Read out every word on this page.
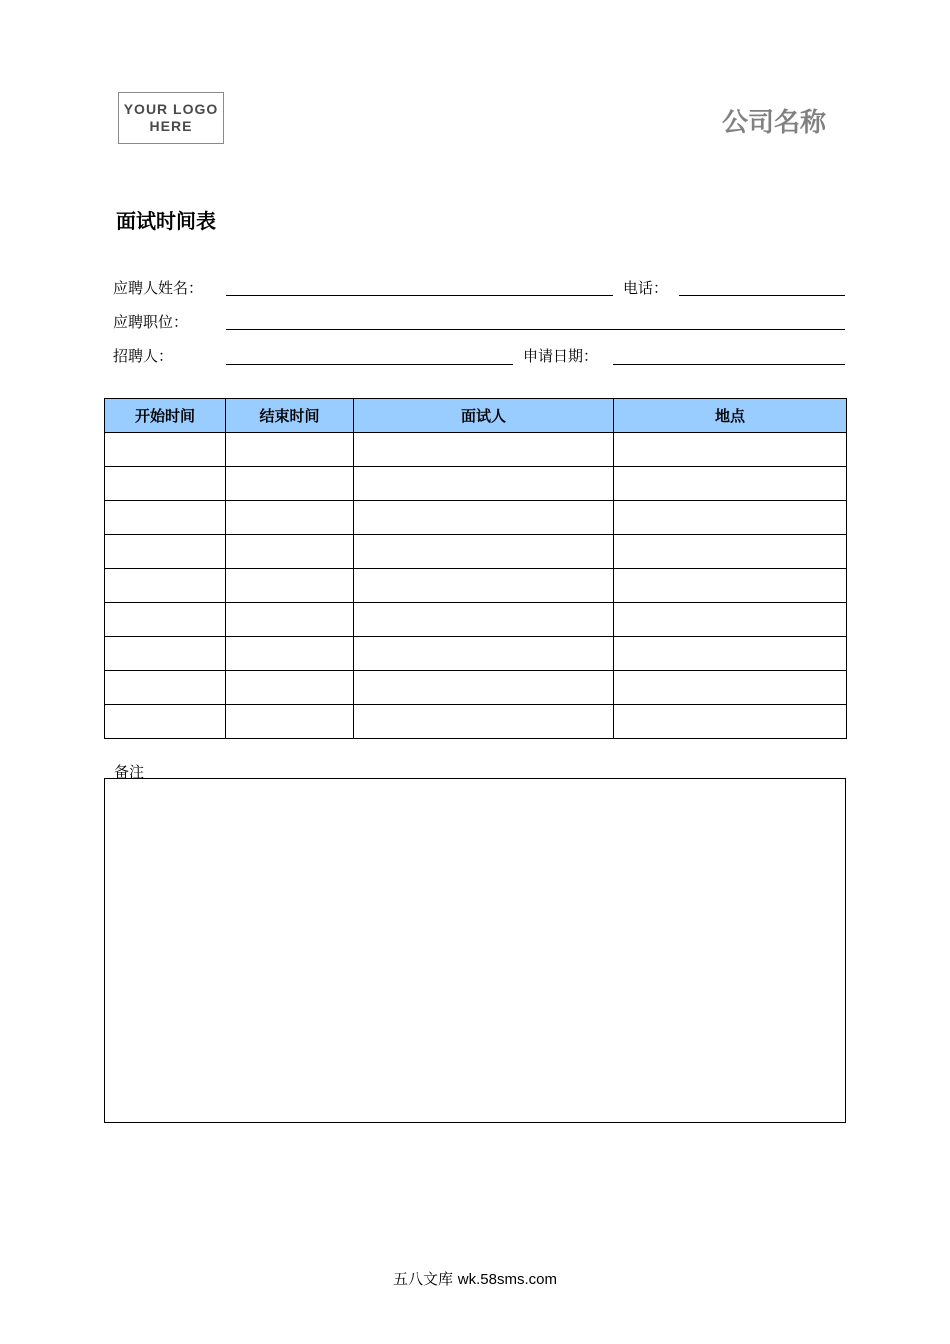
YOUR LOGO
HERE	公司名称
面试时间表
应聘人姓名：	电话：
应聘职位：
招聘人：	申请日期：
开始时间	结束时间	面试人	地点

备注
五八文库 wk.58sms.com
